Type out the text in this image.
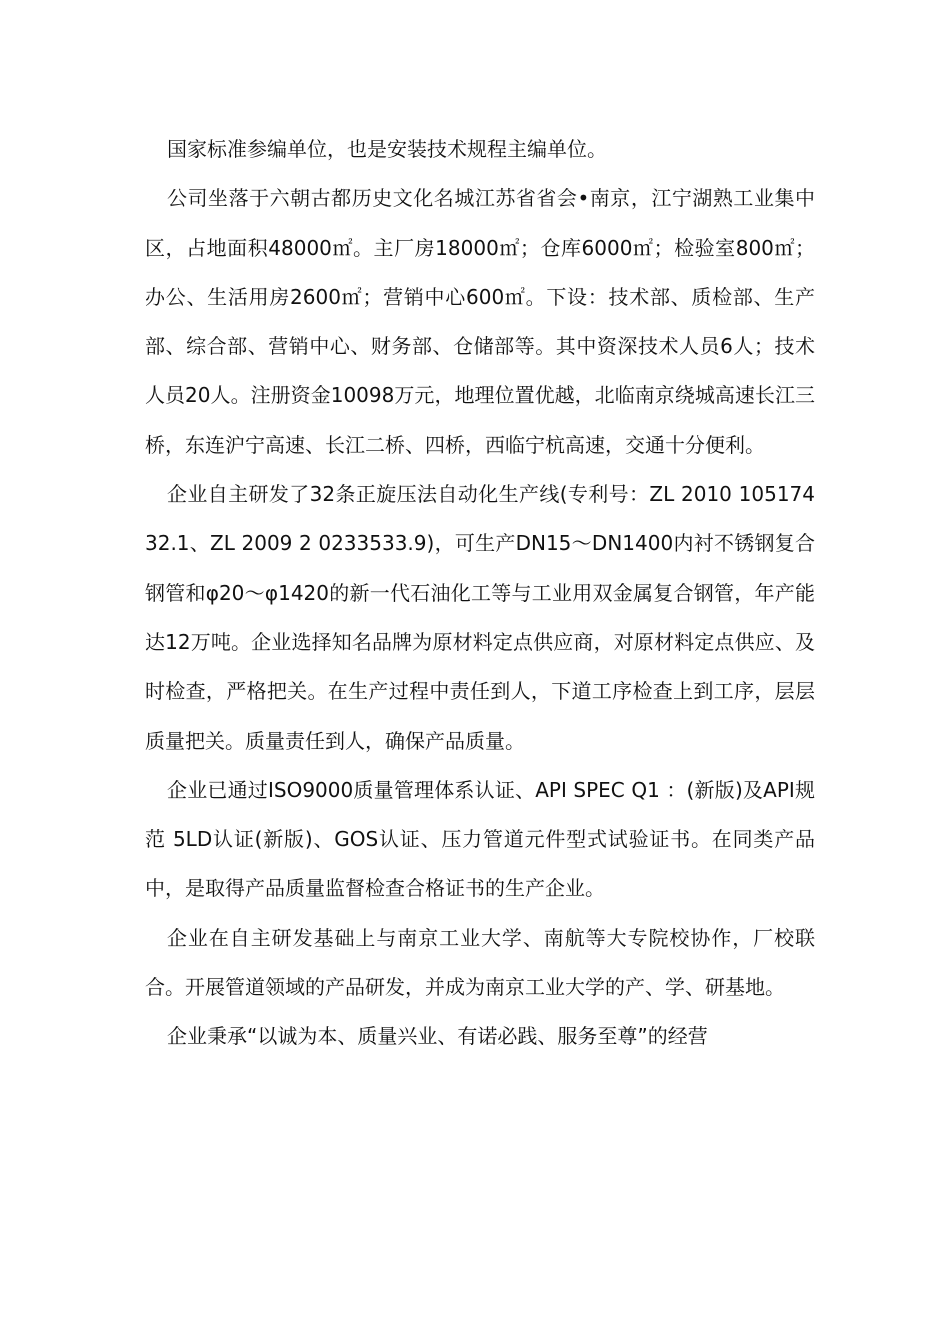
国家标准参编单位，也是安装技术规程主编单位。

公司坐落于六朝古都历史文化名城江苏省省会•南京，江宁湖熟工业集中区，占地面积48000㎡。主厂房18000㎡；仓库6000㎡；检验室800㎡；办公、生活用房2600㎡；营销中心600㎡。下设：技术部、质检部、生产部、综合部、营销中心、财务部、仓储部等。其中资深技术人员6人；技术人员20人。注册资金10098万元，地理位置优越，北临南京绕城高速长江三桥，东连沪宁高速、长江二桥、四桥，西临宁杭高速，交通十分便利。

企业自主研发了32条正旋压法自动化生产线(专利号：ZL 2010 10517432.1、ZL 2009 2 0233533.9)，可生产DN15～DN1400内衬不锈钢复合钢管和φ20～φ1420的新一代石油化工等与工业用双金属复合钢管，年产能达12万吨。企业选择知名品牌为原材料定点供应商，对原材料定点供应、及时检查，严格把关。在生产过程中责任到人，下道工序检查上到工序，层层质量把关。质量责任到人，确保产品质量。

企业已通过ISO9000质量管理体系认证、API SPEC Q1 ：(新版)及API规范 5LD认证(新版)、GOS认证、压力管道元件型式试验证书。在同类产品中，是取得产品质量监督检查合格证书的生产企业。

企业在自主研发基础上与南京工业大学、南航等大专院校协作，厂校联合。开展管道领域的产品研发，并成为南京工业大学的产、学、研基地。

企业秉承“以诚为本、质量兴业、有诺必践、服务至尊”的经营
